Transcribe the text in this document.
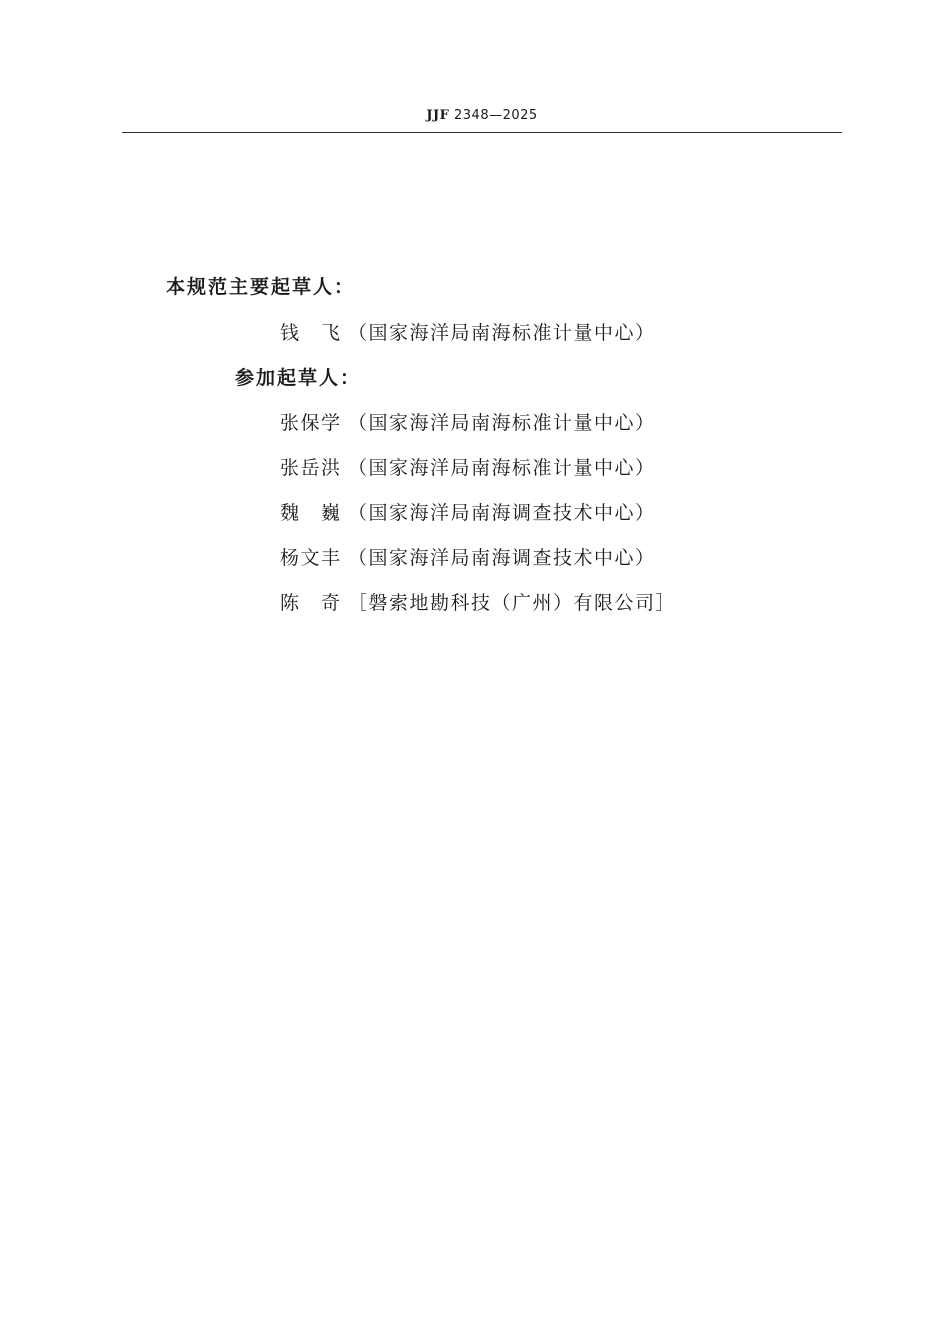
JJF 2348—2025
本规范主要起草人：
钱　飞 （国家海洋局南海标准计量中心）
参加起草人：
张保学 （国家海洋局南海标准计量中心）
张岳洪 （国家海洋局南海标准计量中心）
魏　巍 （国家海洋局南海调查技术中心）
杨文丰 （国家海洋局南海调查技术中心）
陈　奇 ［磐索地勘科技（广州）有限公司］
